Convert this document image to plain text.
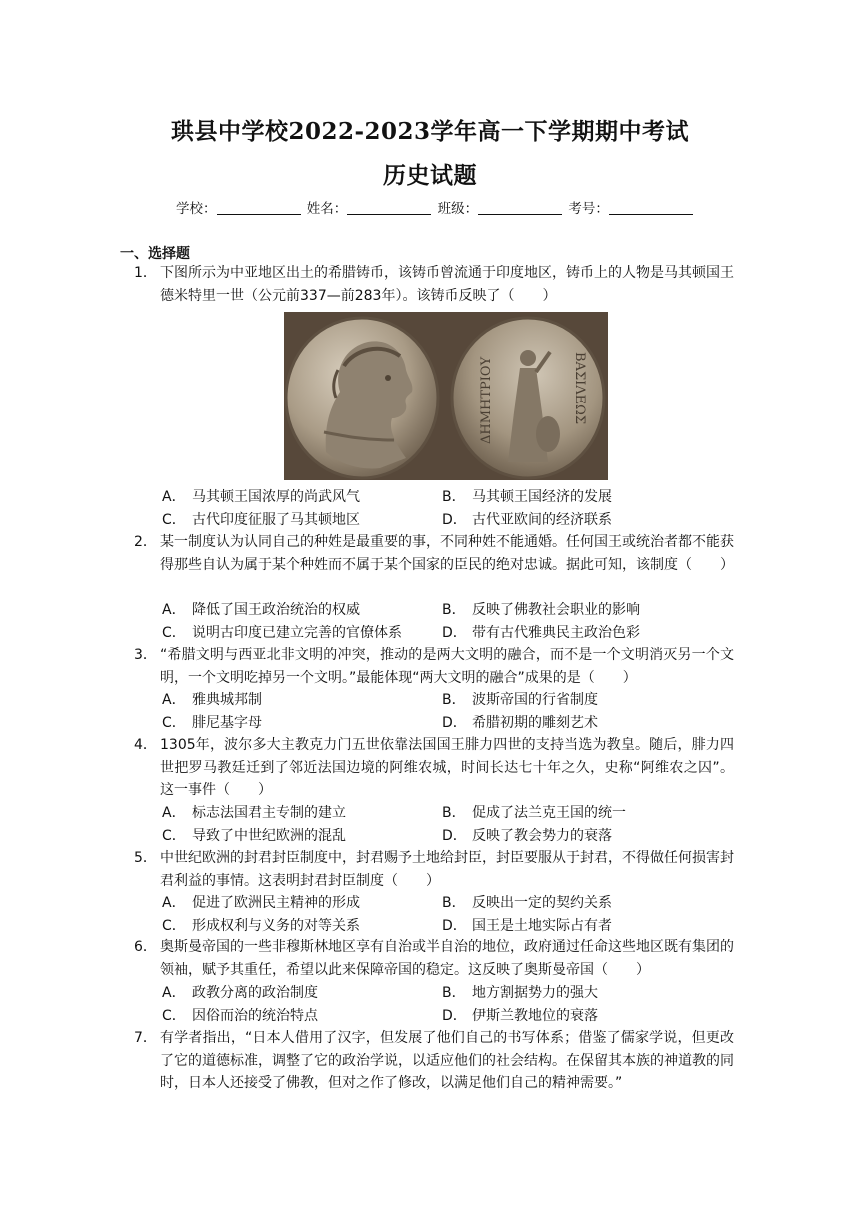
珙县中学校2022-2023学年高一下学期期中考试
历史试题
学校：	姓名：	班级：	考号：
一、选择题
1． 下图所示为中亚地区出土的希腊铸币，该铸币曾流通于印度地区，铸币上的人物是马其顿国王德米特里一世（公元前337—前283年）。该铸币反映了（　　）
ΒΑΣΙΛΕΩΣ
ΔΗΜΗΤΡΙΟΥ
A． 马其顿王国浓厚的尚武风气	B． 马其顿王国经济的发展
C． 古代印度征服了马其顿地区	D． 古代亚欧间的经济联系
2． 某一制度认为认同自己的种姓是最重要的事，不同种姓不能通婚。任何国王或统治者都不能获得那些自认为属于某个种姓而不属于某个国家的臣民的绝对忠诚。据此可知，该制度（　　）
A． 降低了国王政治统治的权威	B． 反映了佛教社会职业的影响
C． 说明古印度已建立完善的官僚体系	D． 带有古代雅典民主政治色彩
3． “希腊文明与西亚北非文明的冲突，推动的是两大文明的融合，而不是一个文明消灭另一个文明，一个文明吃掉另一个文明。”最能体现“两大文明的融合”成果的是（　　）
A． 雅典城邦制	B． 波斯帝国的行省制度
C． 腓尼基字母	D． 希腊初期的雕刻艺术
4． 1305年，波尔多大主教克力门五世依靠法国国王腓力四世的支持当选为教皇。随后，腓力四世把罗马教廷迁到了邻近法国边境的阿维农城，时间长达七十年之久，史称“阿维农之囚”。这一事件（　　）
A． 标志法国君主专制的建立	B． 促成了法兰克王国的统一
C． 导致了中世纪欧洲的混乱	D． 反映了教会势力的衰落
5． 中世纪欧洲的封君封臣制度中，封君赐予土地给封臣，封臣要服从于封君，不得做任何损害封君利益的事情。这表明封君封臣制度（　　）
A． 促进了欧洲民主精神的形成	B． 反映出一定的契约关系
C． 形成权利与义务的对等关系	D． 国王是土地实际占有者
6． 奥斯曼帝国的一些非穆斯林地区享有自治或半自治的地位，政府通过任命这些地区既有集团的领袖，赋予其重任，希望以此来保障帝国的稳定。这反映了奥斯曼帝国（　　）
A． 政教分离的政治制度	B． 地方割据势力的强大
C． 因俗而治的统治特点	D． 伊斯兰教地位的衰落
7． 有学者指出，“日本人借用了汉字，但发展了他们自己的书写体系；借鉴了儒家学说，但更改了它的道德标准，调整了它的政治学说，以适应他们的社会结构。在保留其本族的神道教的同时，日本人还接受了佛教，但对之作了修改，以满足他们自己的精神需要。”
